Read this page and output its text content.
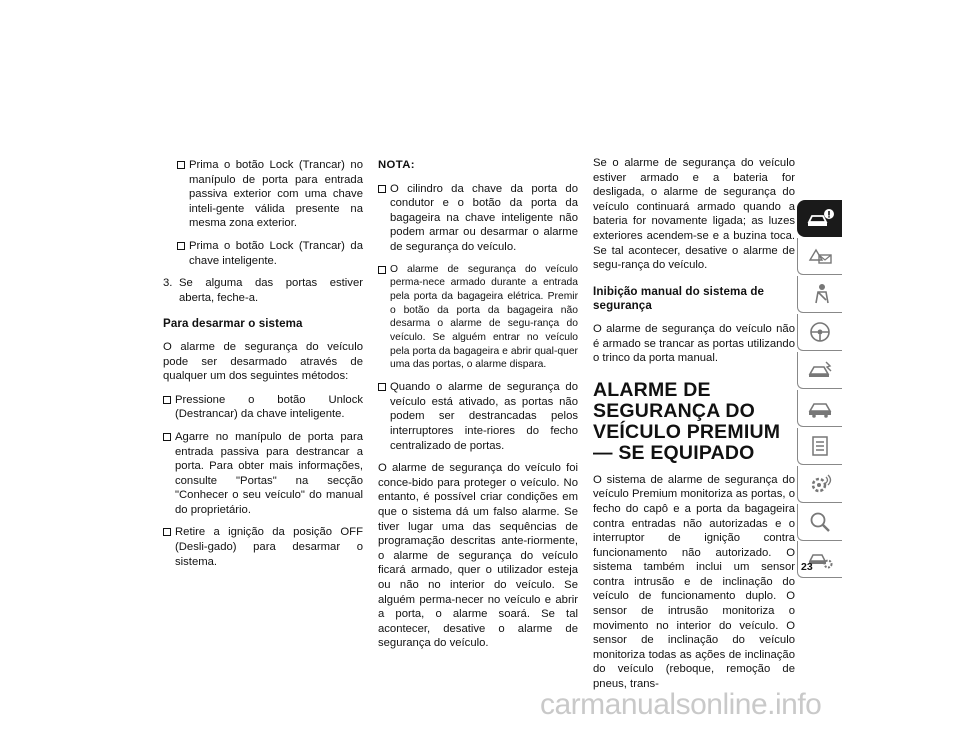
Prima o botão Lock (Trancar) no manípulo de porta para entrada passiva exterior com uma chave inteli-gente válida presente na mesma zona exterior.
Prima o botão Lock (Trancar) da chave inteligente.
3. Se alguma das portas estiver aberta, feche-a.
Para desarmar o sistema

O alarme de segurança do veículo pode ser desarmado através de qualquer um dos seguintes métodos:

Pressione o botão Unlock (Destrancar) da chave inteligente.
Agarre no manípulo de porta para entrada passiva para destrancar a porta. Para obter mais informações, consulte "Portas" na secção "Conhecer o seu veículo" do manual do proprietário.
Retire a ignição da posição OFF (Desli-gado) para desarmar o sistema.
NOTA:
O cilindro da chave da porta do condutor e o botão da porta da bagageira na chave inteligente não podem armar ou desarmar o alarme de segurança do veículo.
O alarme de segurança do veículo perma-nece armado durante a entrada pela porta da bagageira elétrica. Premir o botão da porta da bagageira não desarma o alarme de segu-rança do veículo. Se alguém entrar no veículo pela porta da bagageira e abrir qual-quer uma das portas, o alarme dispara.
Quando o alarme de segurança do veículo está ativado, as portas não podem ser destrancadas pelos interruptores inte-riores do fecho centralizado de portas.

O alarme de segurança do veículo foi conce-bido para proteger o veículo. No entanto, é possível criar condições em que o sistema dá um falso alarme. Se tiver lugar uma das sequências de programação descritas ante-riormente, o alarme de segurança do veículo ficará armado, quer o utilizador esteja ou não no interior do veículo. Se alguém perma-necer no veículo e abrir a porta, o alarme soará. Se tal acontecer, desative o alarme de segurança do veículo.

Se o alarme de segurança do veículo estiver armado e a bateria for desligada, o alarme de segurança do veículo continuará armado quando a bateria for novamente ligada; as luzes exteriores acendem-se e a buzina toca. Se tal acontecer, desative o alarme de segu-rança do veículo.

Inibição manual do sistema de segurança

O alarme de segurança do veículo não é armado se trancar as portas utilizando o trinco da porta manual.

ALARME DE SEGURANÇA DO VEÍCULO PREMIUM — SE EQUIPADO

O sistema de alarme de segurança do veículo Premium monitoriza as portas, o fecho do capô e a porta da bagageira contra entradas não autorizadas e o interruptor de ignição contra funcionamento não autorizado. O sistema também inclui um sensor contra intrusão e de inclinação do veículo de funcionamento duplo. O sensor de intrusão monitoriza o movimento no interior do veículo. O sensor de inclinação do veículo monitoriza todas as ações de inclinação do veículo (reboque, remoção de pneus, trans-

23
carmanualsonline.info
